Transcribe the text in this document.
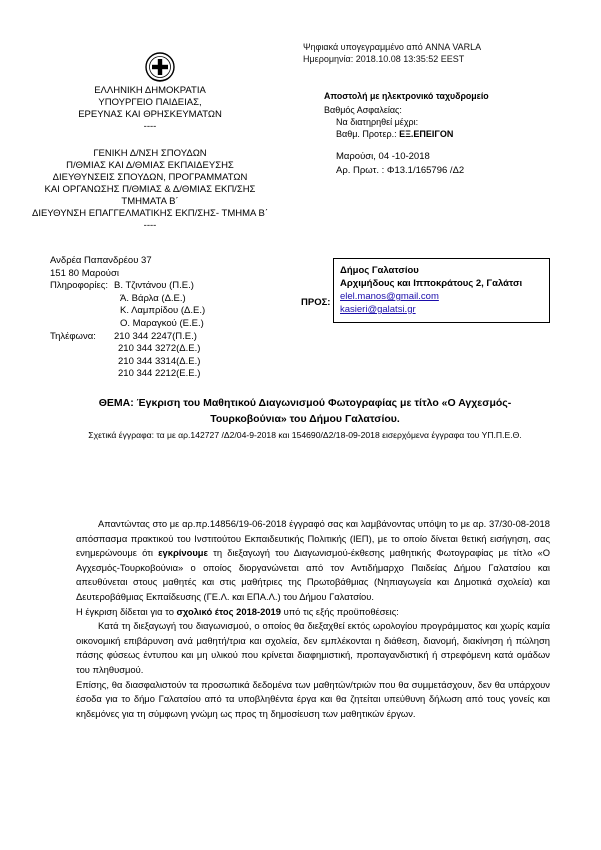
Ψηφιακά υπογεγραμμένο από ANNA VARLA
Ημερομηνία: 2018.10.08 13:35:52 EEST
ΕΛΛΗΝΙΚΗ ΔΗΜΟΚΡΑΤΙΑ
ΥΠΟΥΡΓΕΙΟ ΠΑΙΔΕΙΑΣ,
ΕΡΕΥΝΑΣ ΚΑΙ ΘΡΗΣΚΕΥΜΑΤΩΝ
----
ΓΕΝΙΚΗ Δ/ΝΣΗ ΣΠΟΥΔΩΝ
Π/ΘΜΙΑΣ ΚΑΙ Δ/ΘΜΙΑΣ ΕΚΠΑΙΔΕΥΣΗΣ
ΔΙΕΥΘΥΝΣΕΙΣ ΣΠΟΥΔΩΝ, ΠΡΟΓΡΑΜΜΑΤΩΝ
ΚΑΙ ΟΡΓΑΝΩΣΗΣ Π/ΘΜΙΑΣ & Δ/ΘΜΙΑΣ ΕΚΠ/ΣΗΣ
ΤΜΗΜΑΤΑ Β΄
ΔΙΕΥΘΥΝΣΗ ΕΠΑΓΓΕΛΜΑΤΙΚΗΣ ΕΚΠ/ΣΗΣ- ΤΜΗΜΑ Β΄
----
Αποστολή με ηλεκτρονικό ταχυδρομείο
Βαθμός Ασφαλείας:
Να διατηρηθεί μέχρι:
Βαθμ. Προτερ.: ΕΞ.ΕΠΕΙΓΟΝ
Μαρούσι, 04 -10-2018
Αρ. Πρωτ. : Φ13.1/165796 /Δ2
Ανδρέα Παπανδρέου 37
151 80 Μαρούσι
Πληροφορίες: Β. Τζιντάνου (Π.Ε.)
Ά. Βάρλα (Δ.Ε.)
Κ. Λαμπρίδου (Δ.Ε.)
Ο. Μαραγκού (Ε.Ε.)
Τηλέφωνα:	210 344 2247(Π.Ε.)
210 344 3272(Δ.Ε.)
210 344 3314(Δ.Ε.)
210 344 2212(Ε.Ε.)
ΠΡΟΣ:
Δήμος Γαλατσίου
Αρχιμήδους και Ιπποκράτους 2, Γαλάτσι
elel.manos@gmail.com
kasieri@galatsi.gr
ΘΕΜΑ: Έγκριση του Μαθητικού Διαγωνισμού Φωτογραφίας με τίτλο «Ο Αγχεσμός-
Τουρκοβούνια» του Δήμου Γαλατσίου.
Σχετικά έγγραφα: τα με αρ.142727 /Δ2/04-9-2018 και 154690/Δ2/18-09-2018 εισερχόμενα έγγραφα του ΥΠ.Π.Ε.Θ.

Απαντώντας στο με αρ.πρ.14856/19-06-2018 έγγραφό σας και λαμβάνοντας υπόψη το με αρ. 37/30-08-2018 απόσπασμα πρακτικού του Ινστιτούτου Εκπαιδευτικής Πολιτικής (ΙΕΠ), με το οποίο δίνεται θετική εισήγηση, σας ενημερώνουμε ότι εγκρίνουμε τη διεξαγωγή του Διαγωνισμού-έκθεσης μαθητικής Φωτογραφίας με τίτλο «Ο Αγχεσμός-Τουρκοβούνια» ο οποίος διοργανώνεται από τον Αντιδήμαρχο Παιδείας Δήμου Γαλατσίου και απευθύνεται στους μαθητές και στις μαθήτριες της Πρωτοβάθμιας (Νηπιαγωγεία και Δημοτικά σχολεία) και Δευτεροβάθμιας Εκπαίδευσης (ΓΕ.Λ. και ΕΠΑ.Λ.) του Δήμου Γαλατσίου.

Η έγκριση δίδεται για το σχολικό έτος 2018-2019 υπό τις εξής προϋποθέσεις:

Κατά τη διεξαγωγή του διαγωνισμού, ο οποίος θα διεξαχθεί εκτός ωρολογίου προγράμματος και χωρίς καμία οικονομική επιβάρυνση ανά μαθητή/τρια και σχολεία, δεν εμπλέκονται η διάθεση, διανομή, διακίνηση ή πώληση πάσης φύσεως έντυπου και μη υλικού που κρίνεται διαφημιστική, προπαγανδιστική ή στρεφόμενη κατά ομάδων του πληθυσμού.

Επίσης, θα διασφαλιστούν τα προσωπικά δεδομένα των μαθητών/τριών που θα συμμετάσχουν, δεν θα υπάρχουν έσοδα για το δήμο Γαλατσίου από τα υποβληθέντα έργα και θα ζητείται υπεύθυνη δήλωση από τους γονείς και κηδεμόνες για τη σύμφωνη γνώμη ως προς τη δημοσίευση των μαθητικών έργων.
